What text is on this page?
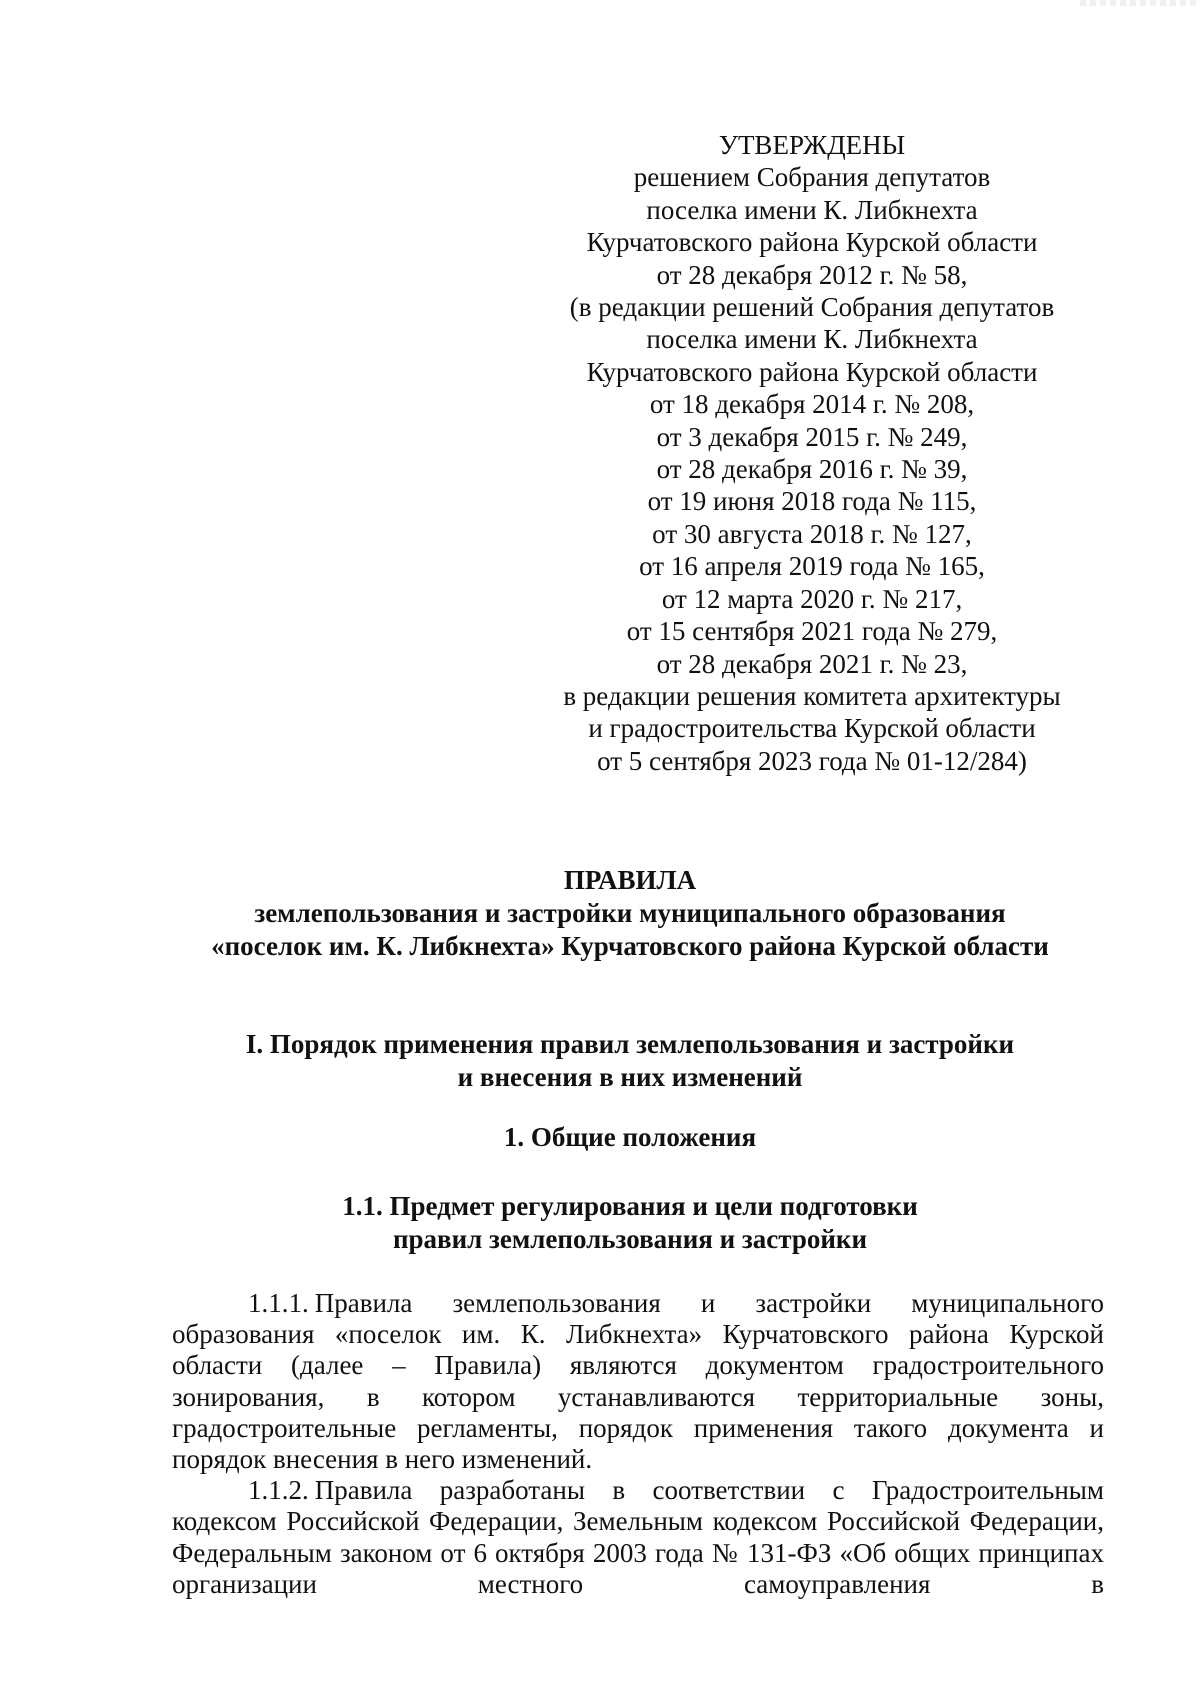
УТВЕРЖДЕНЫ
решением Собрания депутатов
поселка имени К. Либкнехта
Курчатовского района Курской области
от 28 декабря 2012 г. № 58,
(в редакции решений Собрания депутатов
поселка имени К. Либкнехта
Курчатовского района Курской области
от 18 декабря 2014 г. № 208,
от 3 декабря 2015 г. № 249,
от 28 декабря 2016 г. № 39,
от 19 июня 2018 года № 115,
от 30 августа 2018 г. № 127,
от 16 апреля 2019 года № 165,
от 12 марта 2020 г. № 217,
от 15 сентября 2021 года № 279,
от 28 декабря 2021 г. № 23,
в редакции решения комитета архитектуры
и градостроительства Курской области
от 5 сентября 2023 года № 01-12/284)
ПРАВИЛА
землепользования и застройки муниципального образования
«поселок им. К. Либкнехта» Курчатовского района Курской области
I. Порядок применения правил землепользования и застройки
и внесения в них изменений
1. Общие положения
1.1. Предмет регулирования и цели подготовки
правил землепользования и застройки

1.1.1. Правила землепользования и застройки муниципального образования «поселок им. К. Либкнехта» Курчатовского района Курской области (далее – Правила) являются документом градостроительного зонирования, в котором устанавливаются территориальные зоны, градостроительные регламенты, порядок применения такого документа и порядок внесения в него изменений.

1.1.2. Правила разработаны в соответствии с Градостроительным кодексом Российской Федерации, Земельным кодексом Российской Федерации, Федеральным законом от 6 октября 2003 года № 131-ФЗ «Об общих принципах организации местного самоуправления в
